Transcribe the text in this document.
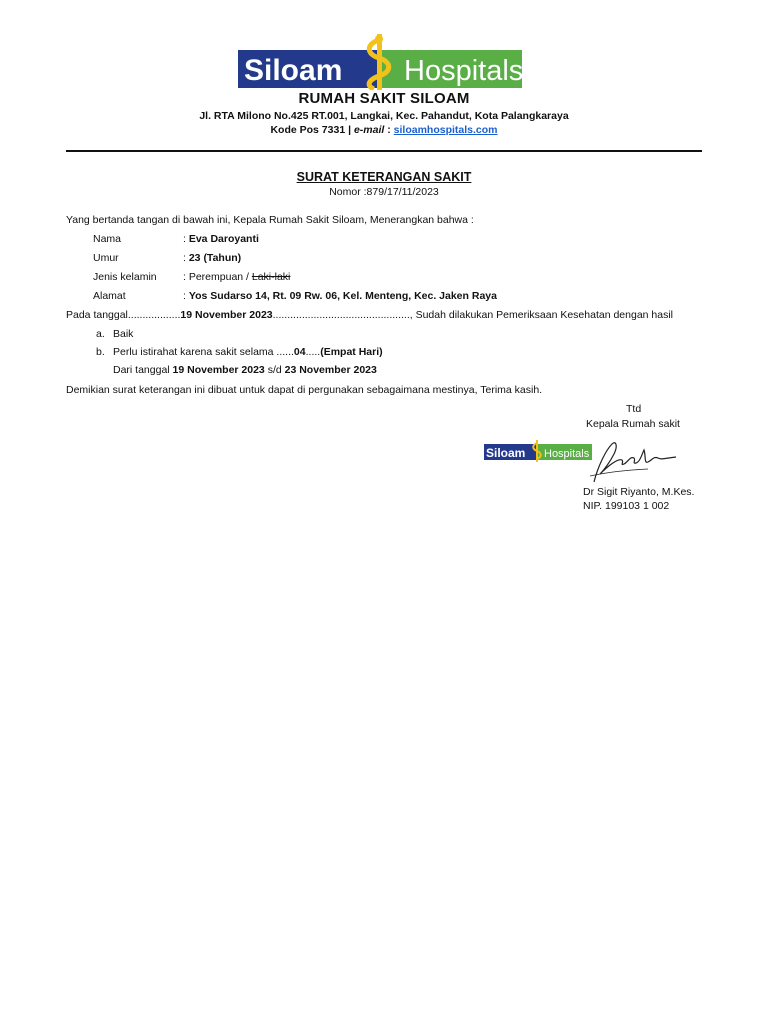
Siloam Hospitals
RUMAH SAKIT SILOAM
Jl. RTA Milono No.425 RT.001, Langkai, Kec. Pahandut, Kota Palangkaraya
Kode Pos 7331 | e-mail : siloamhospitals.com
SURAT KETERANGAN SAKIT
Nomor :879/17/11/2023
Yang bertanda tangan di bawah ini, Kepala Rumah Sakit Siloam, Menerangkan bahwa :
Nama	: Eva Daroyanti
Umur	: 23 (Tahun)
Jenis kelamin	: Perempuan / Laki-laki
Alamat	: Yos Sudarso 14, Rt. 09 Rw. 06, Kel. Menteng, Kec. Jaken Raya
Pada tanggal..................19 November 2023..............................................., Sudah dilakukan Pemeriksaan Kesehatan dengan hasil
a. Baik
b. Perlu istirahat karena sakit selama ......04.....(Empat Hari)
Dari tanggal 19 November 2023 s/d 23 November 2023
Demikian surat keterangan ini dibuat untuk dapat di pergunakan sebagaimana mestinya, Terima kasih.
Ttd
Kepala Rumah sakit
Siloam Hospitals
Dr Sigit Riyanto, M.Kes.
NIP. 199103 1 002
